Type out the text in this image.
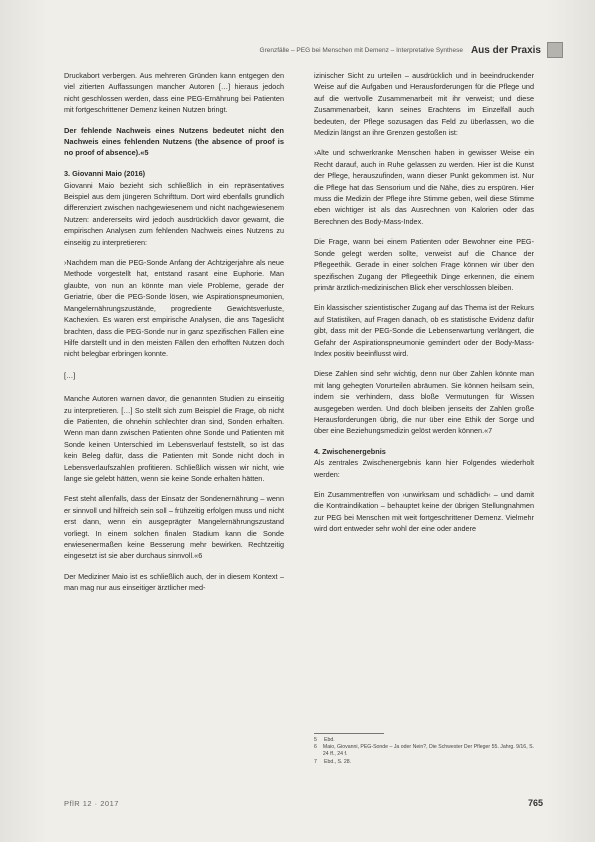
Grenzfälle – PEG bei Menschen mit Demenz – Interpretative Synthese Aus der Praxis

Druckabort verbergen. Aus mehreren Gründen kann entgegen den viel zitierten Auffassungen mancher Autoren […] hieraus jedoch nicht geschlossen werden, dass eine PEG-Ernährung bei Patienten mit fortgeschrittener Demenz keinen Nutzen bringt.

Der fehlende Nachweis eines Nutzens bedeutet nicht den Nachweis eines fehlenden Nutzens (the absence of proof is no proof of absence).«5

3. Giovanni Maio (2016)

Giovanni Maio bezieht sich schließlich in ein repräsentatives Beispiel aus dem jüngeren Schrifttum. Dort wird ebenfalls grundlich differenziert zwischen nachgewiesenem und nicht nachgewiesenem Nutzen: andererseits wird jedoch ausdrücklich davor gewarnt, die empirischen Analysen zum fehlenden Nachweis eines Nutzens zu einseitig zu interpretieren:

›Nachdem man die PEG-Sonde Anfang der Achtzigerjahre als neue Methode vorgestellt hat, entstand rasant eine Euphorie. Man glaubte, von nun an könnte man viele Probleme, gerade der Geriatrie, über die PEG-Sonde lösen, wie Aspirationspneumonien, Mangelernährungszustände, progrediente Gewichtsverluste, Kachexien. Es waren erst empirische Analysen, die ans Tageslicht brachten, dass die PEG-Sonde nur in ganz spezifischen Fällen eine Hilfe darstellt und in den meisten Fällen den erhofften Nutzen doch nicht belegbar erbringen konnte.

[…]

Manche Autoren warnen davor, die genannten Studien zu einseitig zu interpretieren. […] So stellt sich zum Beispiel die Frage, ob nicht die Patienten, die ohnehin schlechter dran sind, Sonden erhalten. Wenn man dann zwischen Patienten ohne Sonde und Patienten mit Sonde keinen Unterschied im Lebensverlauf feststellt, so ist das kein Beleg dafür, dass die Patienten mit Sonde nicht doch in Lebensverlaufszahlen profitieren. Schließlich wissen wir nicht, wie lange sie gelebt hätten, wenn sie keine Sonde erhalten hätten.

Fest steht allenfalls, dass der Einsatz der Sondenernährung – wenn er sinnvoll und hilfreich sein soll – frühzeitig erfolgen muss und nicht erst dann, wenn ein ausgeprägter Mangelernährungszustand vorliegt. In einem solchen finalen Stadium kann die Sonde erwiesenermaßen keine Besserung mehr bewirken. Rechtzeitig eingesetzt ist sie aber durchaus sinnvoll.«6

Der Mediziner Maio ist es schließlich auch, der in diesem Kontext – man mag nur aus einseitiger ärztlicher med-

izinischer Sicht zu urteilen – ausdrücklich und in beeindruckender Weise auf die Aufgaben und Herausforderungen für die Pflege und auf die wertvolle Zusammenarbeit mit ihr verweist; und diese Zusammenarbeit, kann seines Erachtens im Einzelfall auch bedeuten, der Pflege sozusagen das Feld zu überlassen, wo die Medizin längst an ihre Grenzen gestoßen ist:

›Alte und schwerkranke Menschen haben in gewisser Weise ein Recht darauf, auch in Ruhe gelassen zu werden. Hier ist die Kunst der Pflege, herauszufinden, wann dieser Punkt gekommen ist. Nur die Pflege hat das Sensorium und die Nähe, dies zu erspüren. Hier muss die Medizin der Pflege ihre Stimme geben, weil diese Stimme eben wichtiger ist als das Ausrechnen von Kalorien oder das Berechnen des Body-Mass-Index.

Die Frage, wann bei einem Patienten oder Bewohner eine PEG-Sonde gelegt werden sollte, verweist auf die Chance der Pflegeethik. Gerade in einer solchen Frage können wir über den spezifischen Zugang der Pflegeethik Dinge erkennen, die einem primär ärztlich-medizinischen Blick eher verschlossen bleiben.

Ein klassischer szientistischer Zugang auf das Thema ist der Rekurs auf Statistiken, auf Fragen danach, ob es statistische Evidenz dafür gibt, dass mit der PEG-Sonde die Lebenserwartung verlängert, die Gefahr der Aspirationspneumonie gemindert oder der Body-Mass-Index positiv beeinflusst wird.

Diese Zahlen sind sehr wichtig, denn nur über Zahlen könnte man mit lang gehegten Vorurteilen abräumen. Sie können heilsam sein, indem sie verhindern, dass bloße Vermutungen für Wissen ausgegeben werden. Und doch bleiben jenseits der Zahlen große Herausforderungen übrig, die nur über eine Ethik der Sorge und über eine Beziehungsmedizin gelöst werden können.«7

4. Zwischenergebnis

Als zentrales Zwischenergebnis kann hier Folgendes wiederholt werden:

Ein Zusammentreffen von ›unwirksam und schädlich‹ – und damit die Kontraindikation – behauptet keine der übrigen Stellungnahmen zur PEG bei Menschen mit weit fortgeschrittener Demenz. Vielmehr wird dort entweder sehr wohl der eine oder andere

5	Ebd.
6	Maio, Giovanni, PEG-Sonde – Ja oder Nein?, Die Schwester Der Pfleger 55. Jahrg. 9/16, S. 24 ff., 24 f.
7	Ebd., S. 28.
PflR 12 · 2017	765
